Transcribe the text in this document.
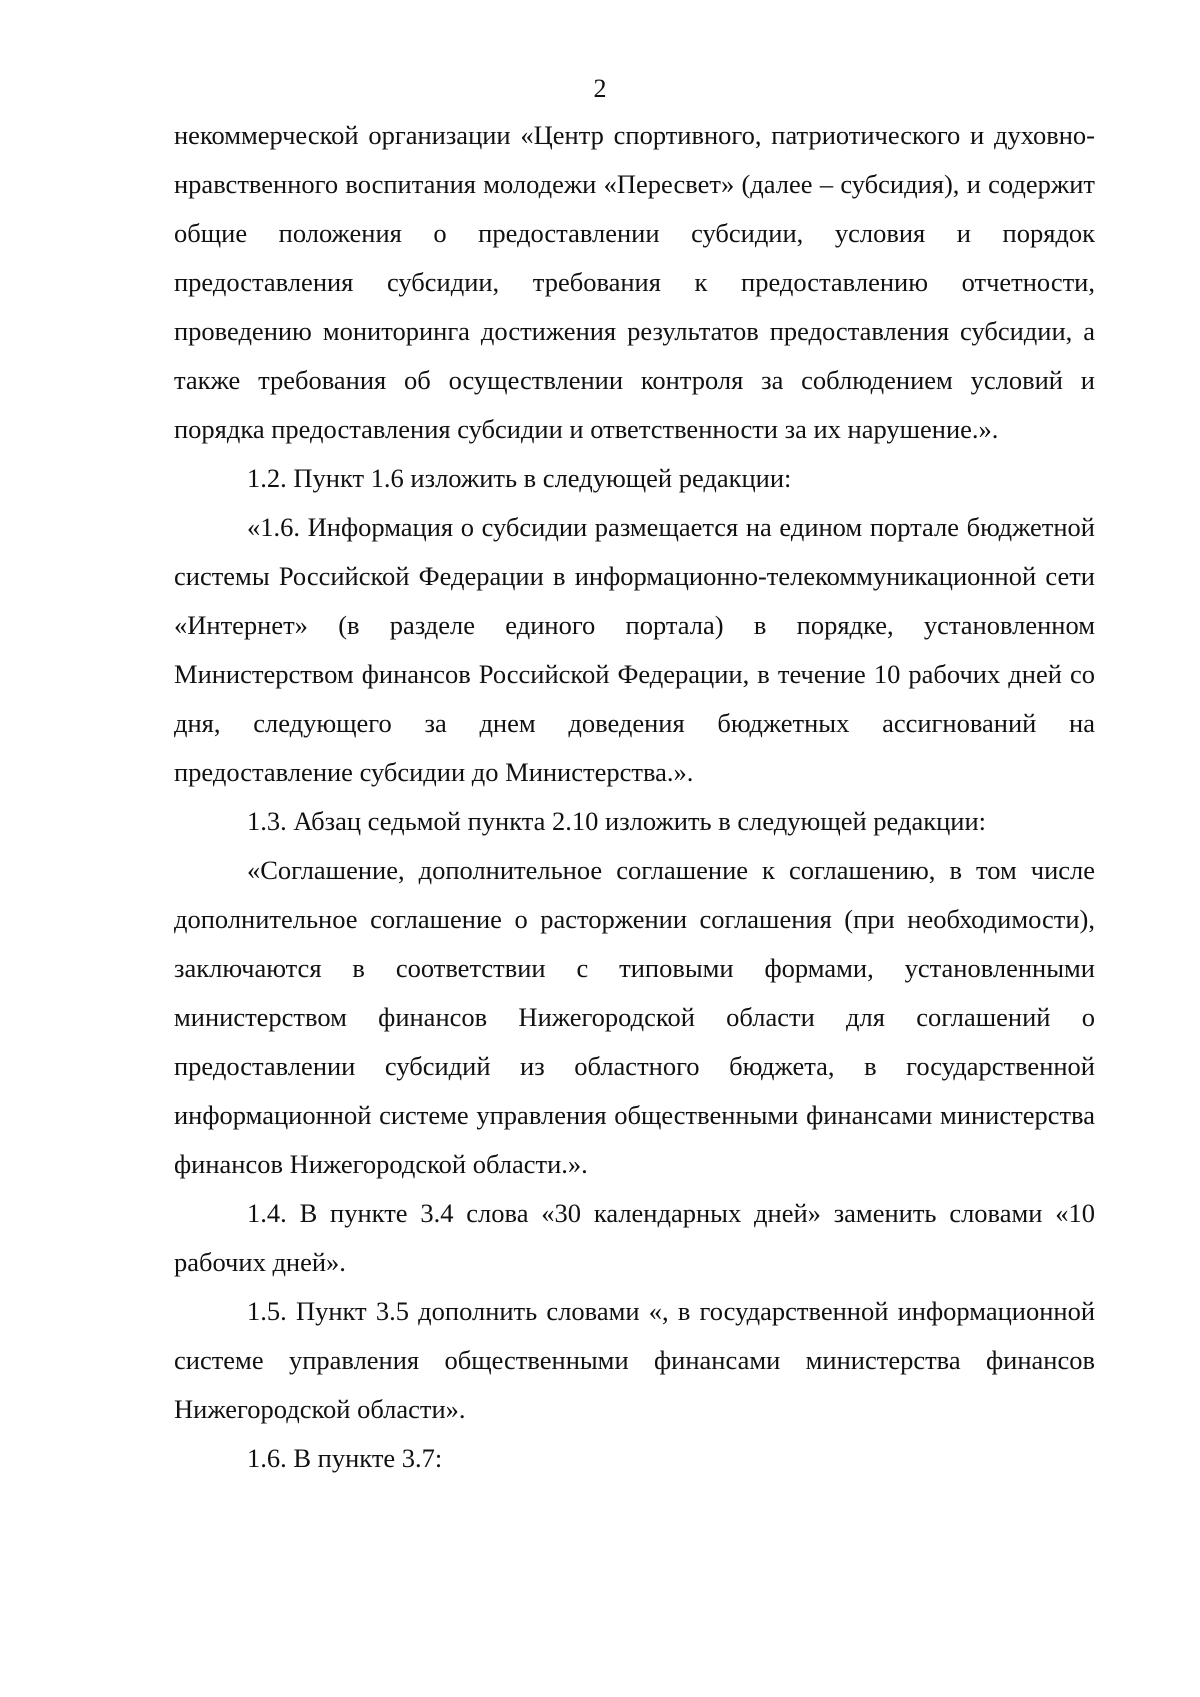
2

некоммерческой организации «Центр спортивного, патриотического и духовно-нравственного воспитания молодежи «Пересвет» (далее – субсидия), и содержит общие положения о предоставлении субсидии, условия и порядок предоставления субсидии, требования к предоставлению отчетности, проведению мониторинга достижения результатов предоставления субсидии, а также требования об осуществлении контроля за соблюдением условий и порядка предоставления субсидии и ответственности за их нарушение.».

1.2. Пункт 1.6 изложить в следующей редакции:

«1.6. Информация о субсидии размещается на едином портале бюджетной системы Российской Федерации в информационно-телекоммуникационной сети «Интернет» (в разделе единого портала) в порядке, установленном Министерством финансов Российской Федерации, в течение 10 рабочих дней со дня, следующего за днем доведения бюджетных ассигнований на предоставление субсидии до Министерства.».

1.3. Абзац седьмой пункта 2.10 изложить в следующей редакции:

«Соглашение, дополнительное соглашение к соглашению, в том числе дополнительное соглашение о расторжении соглашения (при необходимости), заключаются в соответствии с типовыми формами, установленными министерством финансов Нижегородской области для соглашений о предоставлении субсидий из областного бюджета, в государственной информационной системе управления общественными финансами министерства финансов Нижегородской области.».

1.4. В пункте 3.4 слова «30 календарных дней» заменить словами «10 рабочих дней».

1.5. Пункт 3.5 дополнить словами «, в государственной информационной системе управления общественными финансами министерства финансов Нижегородской области».

1.6. В пункте 3.7:
